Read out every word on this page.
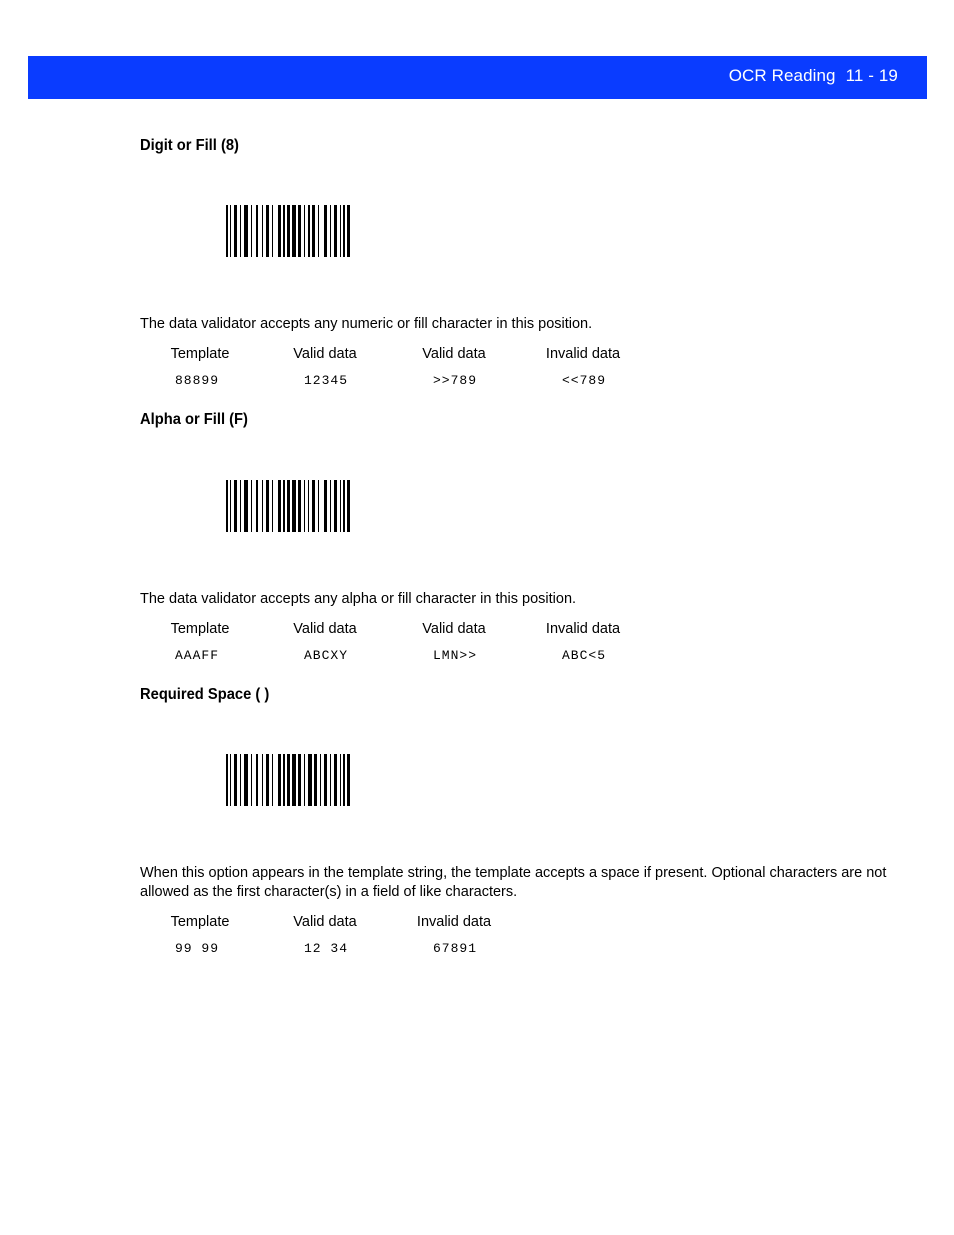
OCR Reading 11 - 19
Digit or Fill (8)
The data validator accepts any numeric or fill character in this position.
Template	Valid data	Valid data	Invalid data
88899	12345	>>789	<<789
Alpha or Fill (F)
The data validator accepts any alpha or fill character in this position.
Template	Valid data	Valid data	Invalid data
AAAFF	ABCXY	LMN>>	ABC<5
Required Space ( )
When this option appears in the template string, the template accepts a space if present. Optional characters are not allowed as the first character(s) in a field of like characters.
Template	Valid data	Invalid data
99 99	12 34	67891
